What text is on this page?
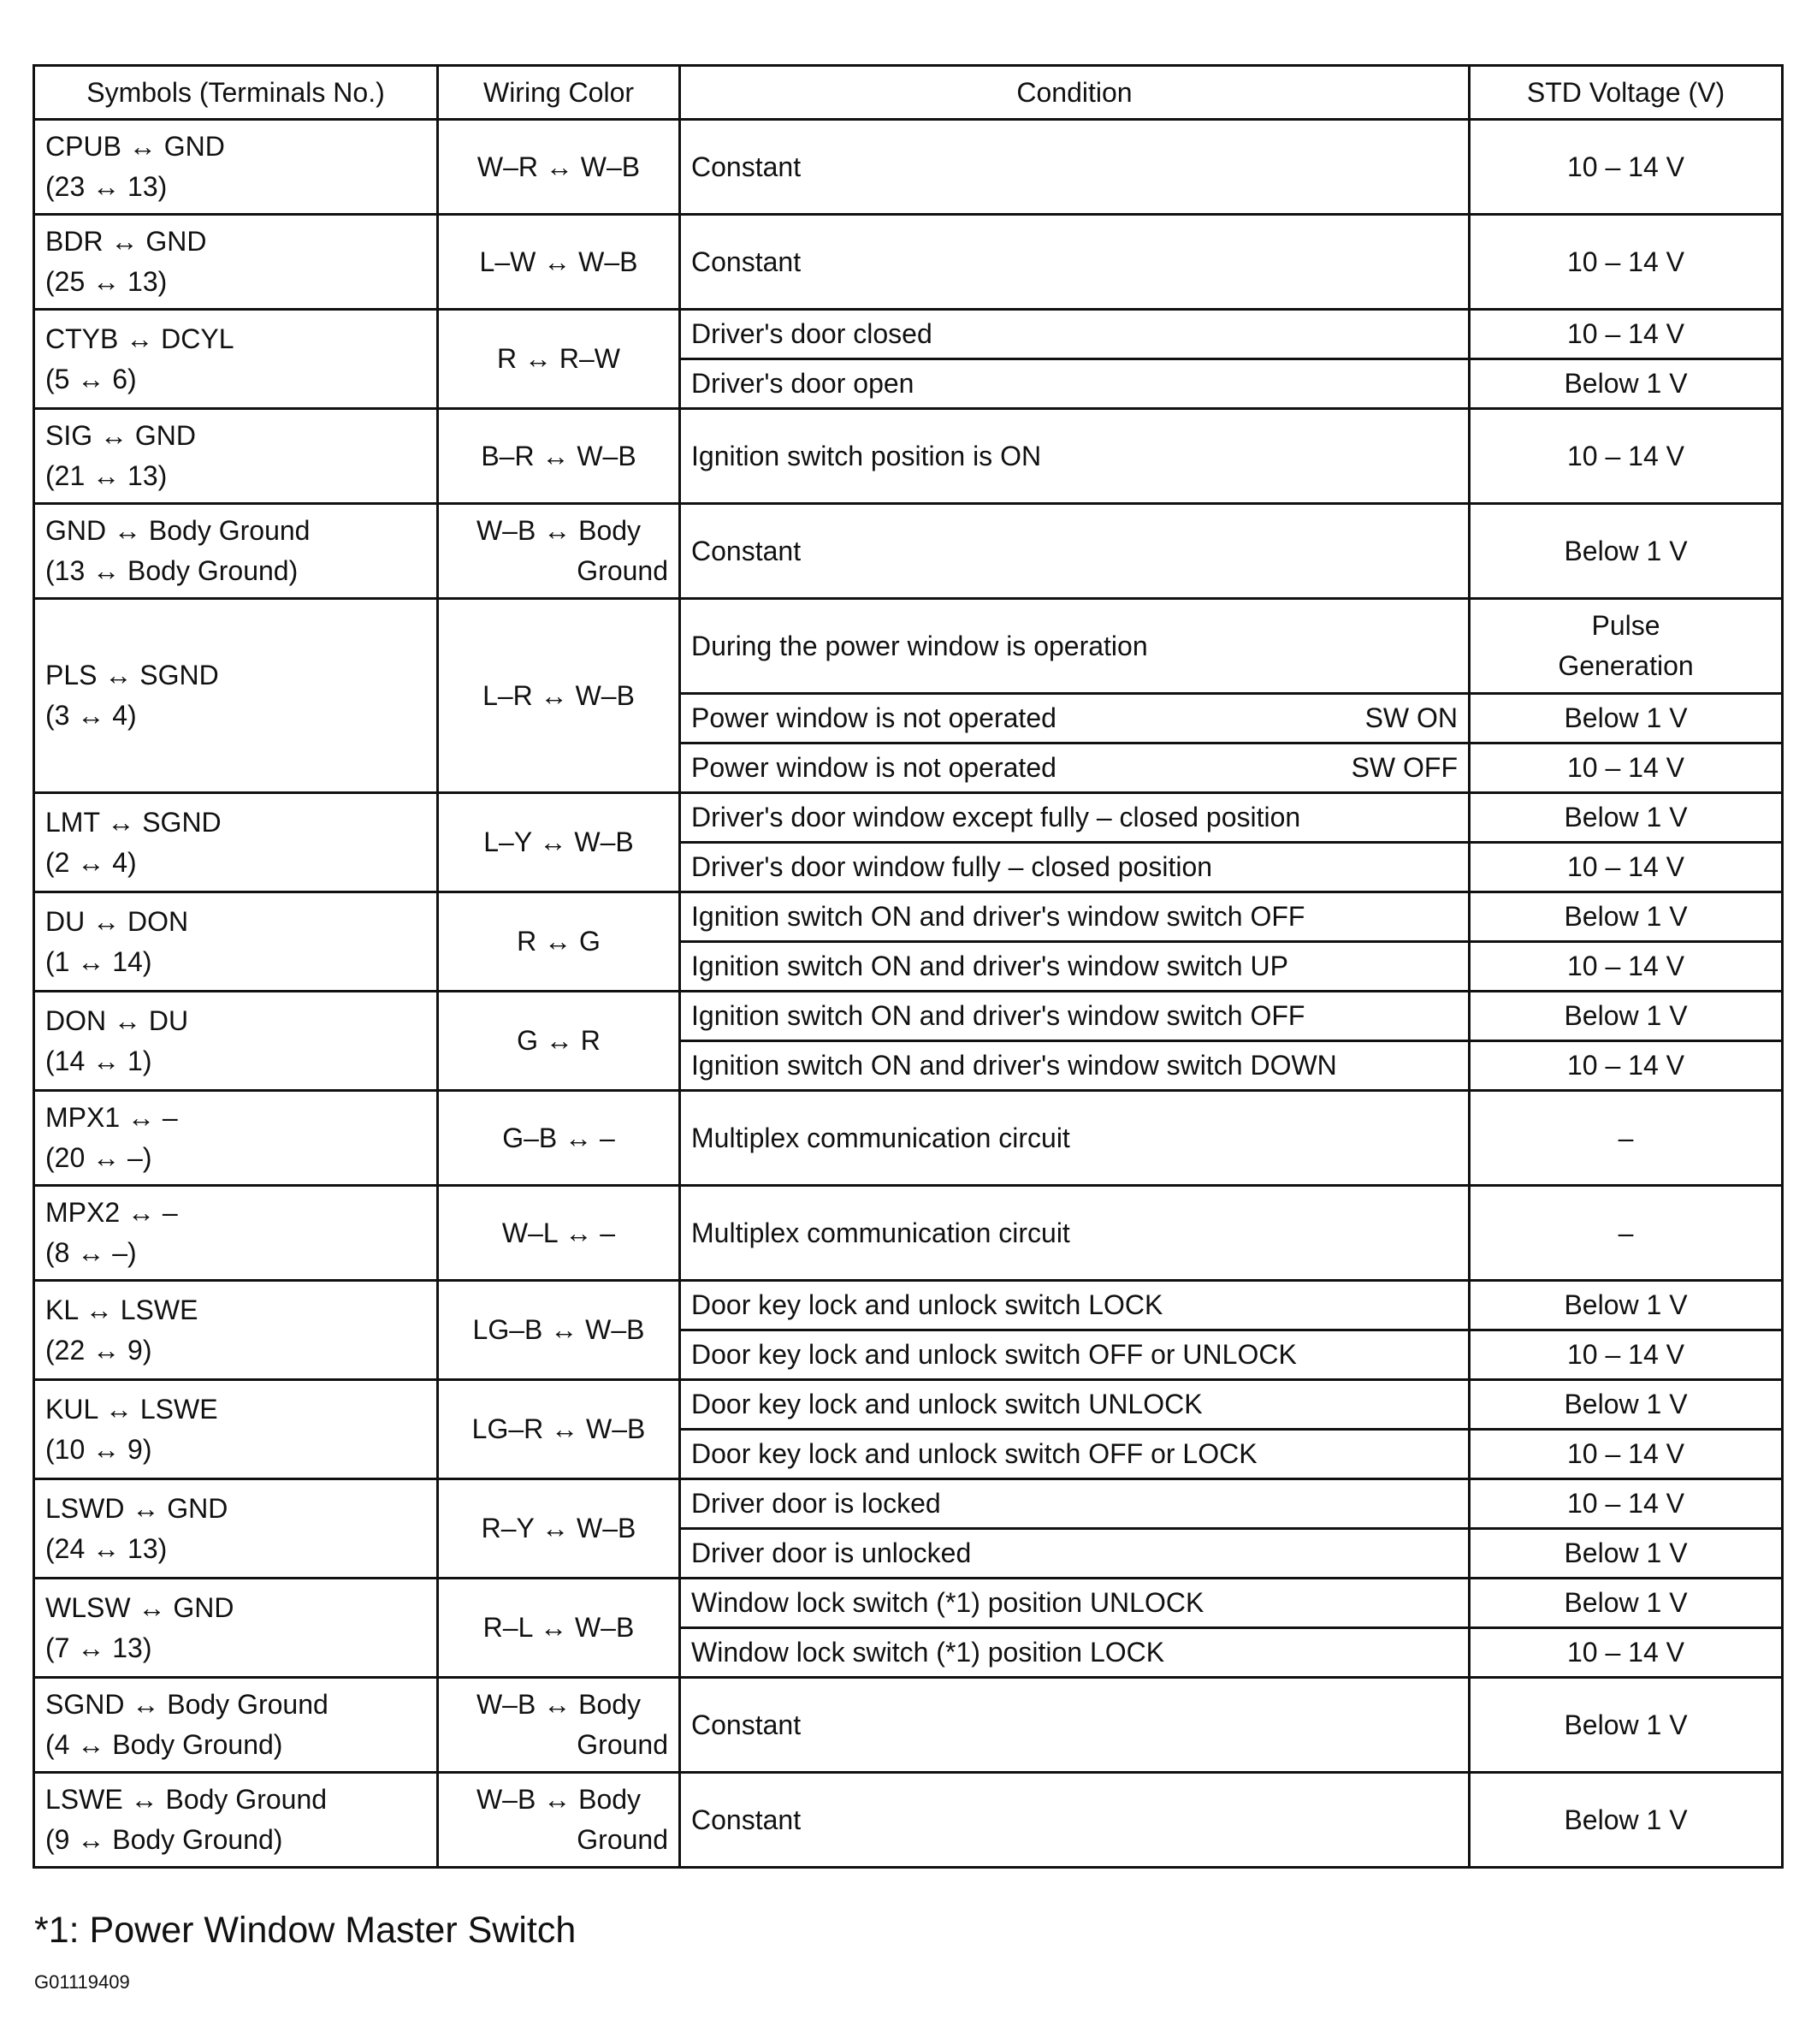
Symbols (Terminals No.)	Wiring Color	Condition	STD Voltage (V)

CPUB ↔ GND
(23 ↔ 13)	W–R ↔ W–B	Constant	10 – 14 V

BDR ↔ GND
(25 ↔ 13)	L–W ↔ W–B	Constant	10 – 14 V

CTYB ↔ DCYL
(5 ↔ 6)	R ↔ R–W	Driver's door closed	10 – 14 V

		Driver's door open	Below 1 V

SIG ↔ GND
(21 ↔ 13)	B–R ↔ W–B	Ignition switch position is ON	10 – 14 V

GND ↔ Body Ground
(13 ↔ Body Ground)	W–B ↔ Body
Ground	Constant	Below 1 V

PLS ↔ SGND
(3 ↔ 4)	L–R ↔ W–B	During the power window is operation	Pulse
Generation

		Power window is not operated SW ON	Below 1 V

		Power window is not operated SW OFF	10 – 14 V

LMT ↔ SGND
(2 ↔ 4)	L–Y ↔ W–B	Driver's door window except fully – closed position	Below 1 V

		Driver's door window fully – closed position	10 – 14 V

DU ↔ DON
(1 ↔ 14)	R ↔ G	Ignition switch ON and driver's window switch OFF	Below 1 V

		Ignition switch ON and driver's window switch UP	10 – 14 V

DON ↔ DU
(14 ↔ 1)	G ↔ R	Ignition switch ON and driver's window switch OFF	Below 1 V

		Ignition switch ON and driver's window switch DOWN	10 – 14 V

MPX1 ↔ –
(20 ↔ –)	G–B ↔ –	Multiplex communication circuit	–

MPX2 ↔ –
(8 ↔ –)	W–L ↔ –	Multiplex communication circuit	–

KL ↔ LSWE
(22 ↔ 9)	LG–B ↔ W–B	Door key lock and unlock switch LOCK	Below 1 V

		Door key lock and unlock switch OFF or UNLOCK	10 – 14 V

KUL ↔ LSWE
(10 ↔ 9)	LG–R ↔ W–B	Door key lock and unlock switch UNLOCK	Below 1 V

		Door key lock and unlock switch OFF or LOCK	10 – 14 V

LSWD ↔ GND
(24 ↔ 13)	R–Y ↔ W–B	Driver door is locked	10 – 14 V

		Driver door is unlocked	Below 1 V

WLSW ↔ GND
(7 ↔ 13)	R–L ↔ W–B	Window lock switch (*1) position UNLOCK	Below 1 V

		Window lock switch (*1) position LOCK	10 – 14 V

SGND ↔ Body Ground
(4 ↔ Body Ground)	W–B ↔ Body
Ground	Constant	Below 1 V

LSWE ↔ Body Ground
(9 ↔ Body Ground)	W–B ↔ Body
Ground	Constant	Below 1 V

*1: Power Window Master Switch

G01119409
